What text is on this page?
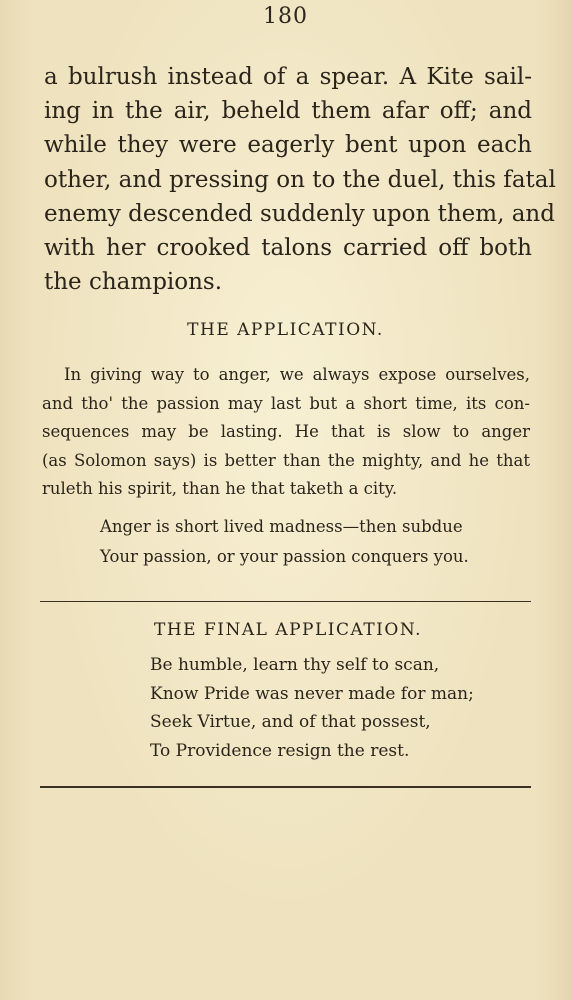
180
a bulrush instead of a spear. A Kite sail-
ing in the air, beheld them afar off; and
while they were eagerly bent upon each
other, and pressing on to the duel, this fatal
enemy descended suddenly upon them, and
with her crooked talons carried off both
the champions.
THE APPLICATION.
In giving way to anger, we always expose ourselves,
and tho' the passion may last but a short time, its con-
sequences may be lasting. He that is slow to anger
(as Solomon says) is better than the mighty, and he that
ruleth his spirit, than he that taketh a city.
Anger is short lived madness—then subdue
Your passion, or your passion conquers you.
THE FINAL APPLICATION.
Be humble, learn thy self to scan,
Know Pride was never made for man;
Seek Virtue, and of that possest,
To Providence resign the rest.
